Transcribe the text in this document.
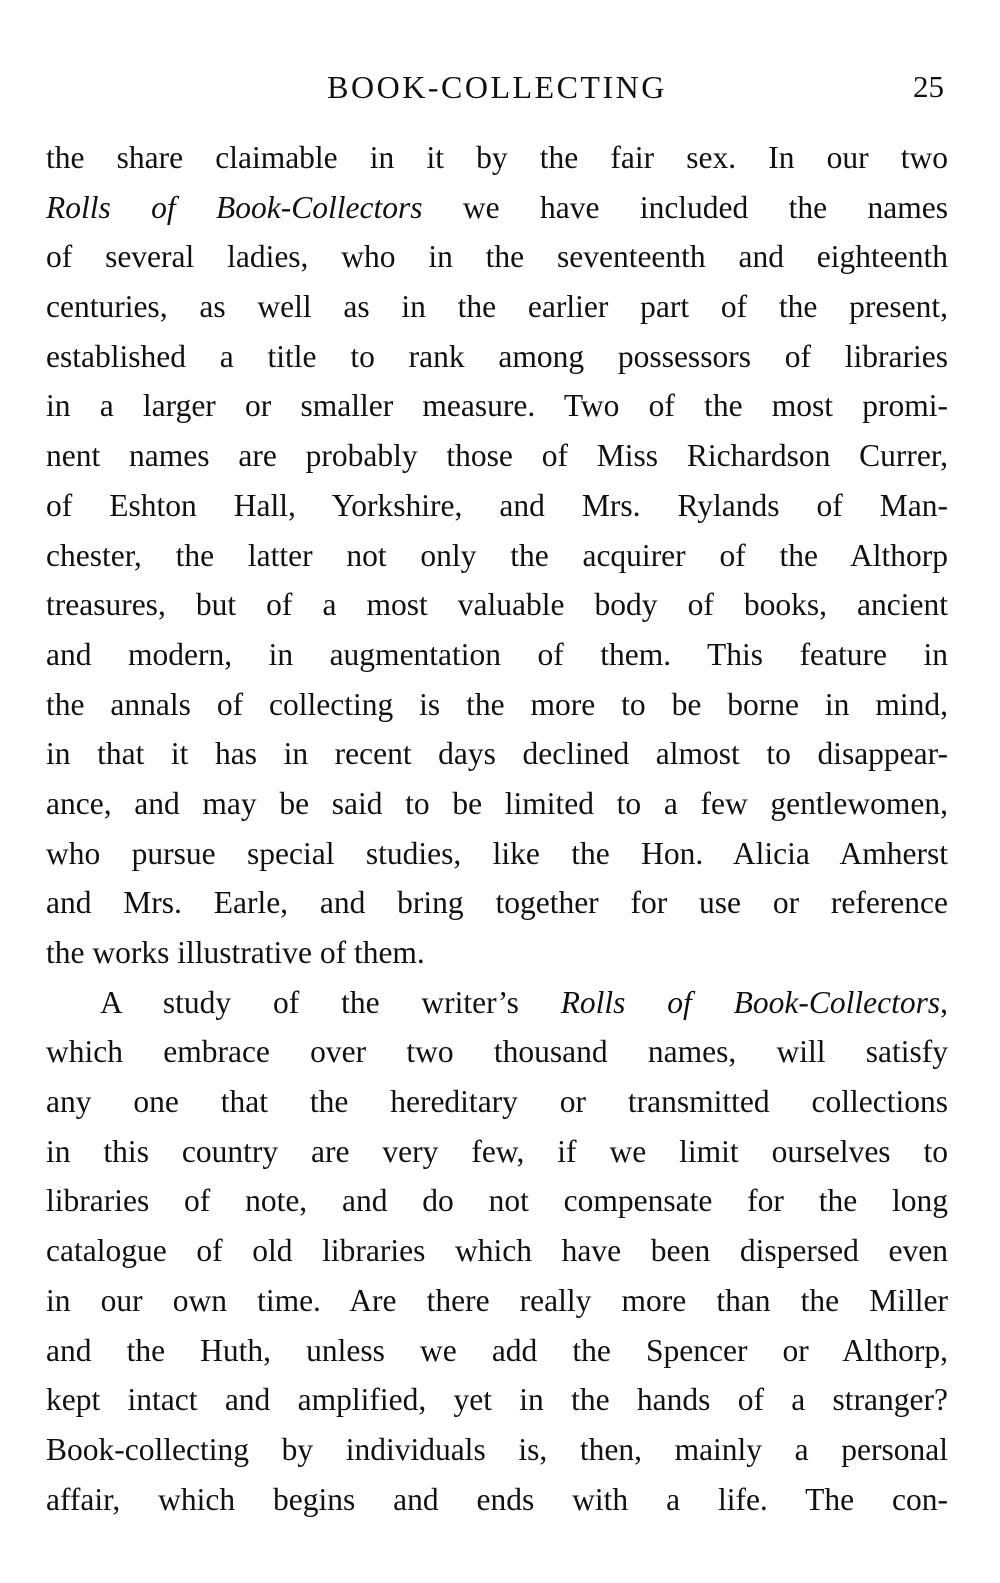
BOOK-COLLECTING	25
the share claimable in it by the fair sex. In our two
Rolls of Book-Collectors we have included the names
of several ladies, who in the seventeenth and eighteenth
centuries, as well as in the earlier part of the present,
established a title to rank among possessors of libraries
in a larger or smaller measure. Two of the most promi-
nent names are probably those of Miss Richardson Currer,
of Eshton Hall, Yorkshire, and Mrs. Rylands of Man-
chester, the latter not only the acquirer of the Althorp
treasures, but of a most valuable body of books, ancient
and modern, in augmentation of them. This feature in
the annals of collecting is the more to be borne in mind,
in that it has in recent days declined almost to disappear-
ance, and may be said to be limited to a few gentlewomen,
who pursue special studies, like the Hon. Alicia Amherst
and Mrs. Earle, and bring together for use or reference
the works illustrative of them.
A study of the writer’s Rolls of Book-Collectors,
which embrace over two thousand names, will satisfy
any one that the hereditary or transmitted collections
in this country are very few, if we limit ourselves to
libraries of note, and do not compensate for the long
catalogue of old libraries which have been dispersed even
in our own time. Are there really more than the Miller
and the Huth, unless we add the Spencer or Althorp,
kept intact and amplified, yet in the hands of a stranger?
Book-collecting by individuals is, then, mainly a personal
affair, which begins and ends with a life. The con-
